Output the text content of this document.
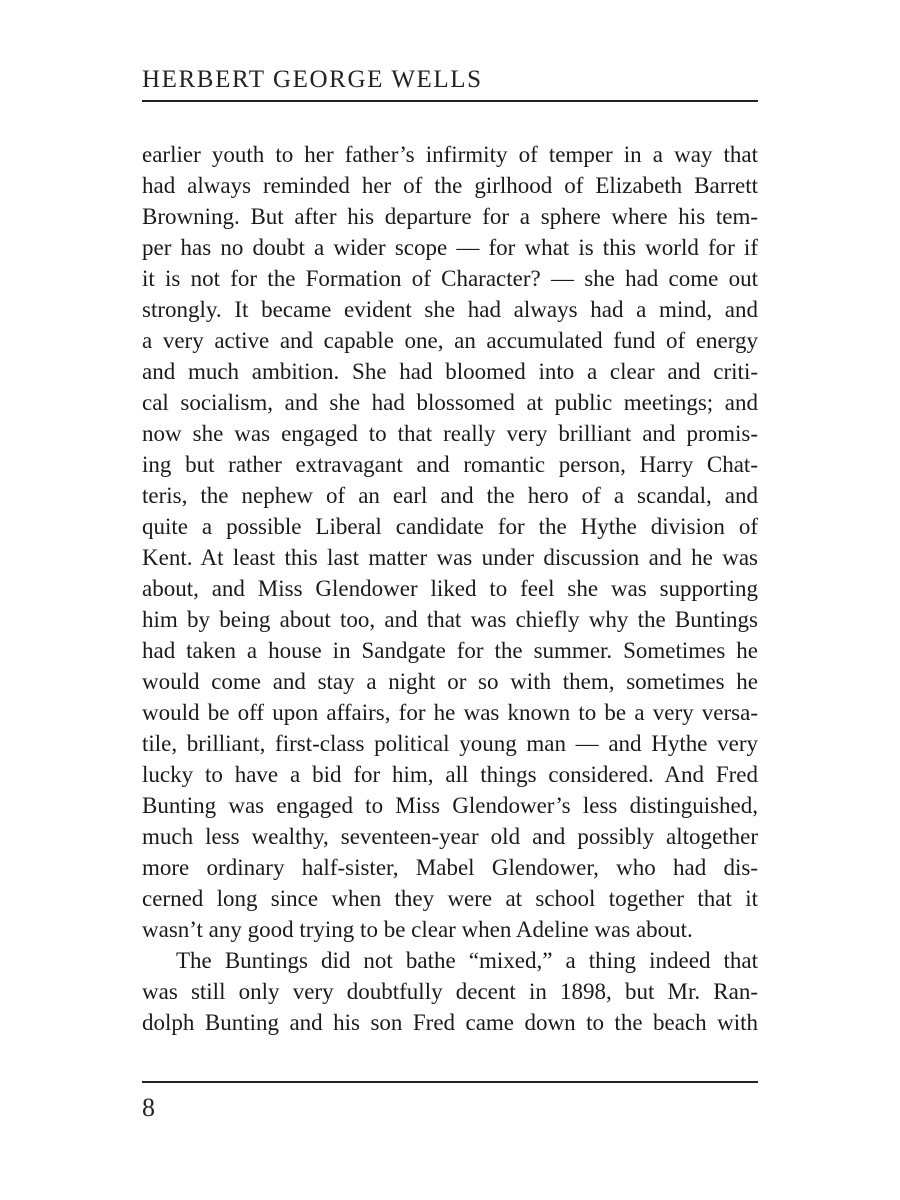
HERBERT GEORGE WELLS
earlier youth to her father’s infirmity of temper in a way that
had always reminded her of the girlhood of Elizabeth Barrett
Browning. But after his departure for a sphere where his tem-
per has no doubt a wider scope — for what is this world for if
it is not for the Formation of Character? — she had come out
strongly. It became evident she had always had a mind, and
a very active and capable one, an accumulated fund of energy
and much ambition. She had bloomed into a clear and criti-
cal socialism, and she had blossomed at public meetings; and
now she was engaged to that really very brilliant and promis-
ing but rather extravagant and romantic person, Harry Chat-
teris, the nephew of an earl and the hero of a scandal, and
quite a possible Liberal candidate for the Hythe division of
Kent. At least this last matter was under discussion and he was
about, and Miss Glendower liked to feel she was supporting
him by being about too, and that was chiefly why the Buntings
had taken a house in Sandgate for the summer. Sometimes he
would come and stay a night or so with them, sometimes he
would be off upon affairs, for he was known to be a very versa-
tile, brilliant, first-class political young man — and Hythe very
lucky to have a bid for him, all things considered. And Fred
Bunting was engaged to Miss Glendower’s less distinguished,
much less wealthy, seventeen-year old and possibly altogether
more ordinary half-sister, Mabel Glendower, who had dis-
cerned long since when they were at school together that it
wasn’t any good trying to be clear when Adeline was about.
The Buntings did not bathe “mixed,” a thing indeed that
was still only very doubtfully decent in 1898, but Mr. Ran-
dolph Bunting and his son Fred came down to the beach with
8
